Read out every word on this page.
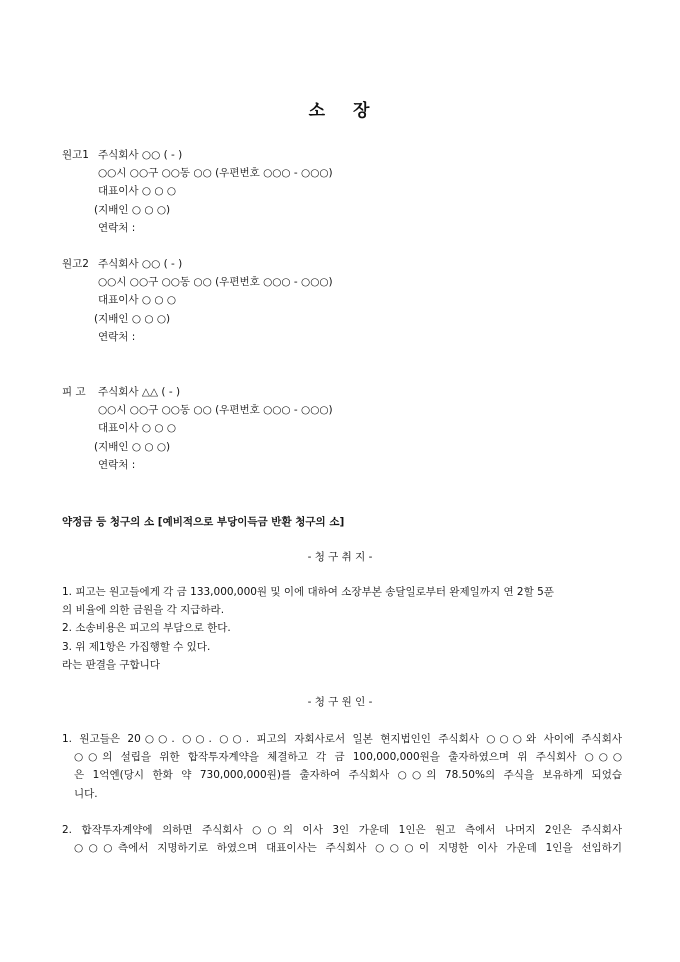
소 장
원고1 주식회사 ○○ ( - )
○○시 ○○구 ○○동 ○○ (우편번호 ○○○ - ○○○)
대표이사 ○ ○ ○
(지배인 ○ ○ ○)
연락처 :
원고2 주식회사 ○○ ( - )
○○시 ○○구 ○○동 ○○ (우편번호 ○○○ - ○○○)
대표이사 ○ ○ ○
(지배인 ○ ○ ○)
연락처 :
피 고	주식회사 △△ ( - )
○○시 ○○구 ○○동 ○○ (우편번호 ○○○ - ○○○)
대표이사 ○ ○ ○
(지배인 ○ ○ ○)
연락처 :
약정금 등 청구의 소 [예비적으로 부당이득금 반환 청구의 소]
- 청 구 취 지 -
1. 피고는 원고들에게 각 금 133,000,000원 및 이에 대하여 소장부본 송달일로부터 완제일까지 연 2할 5푼
의 비율에 의한 금원을 각 지급하라.
2. 소송비용은 피고의 부담으로 한다.
3. 위 제1항은 가집행할 수 있다.
라는 판결을 구합니다
- 청 구 원 인 -
1. 원고들은 20○○. ○○. ○○. 피고의 자회사로서 일본 현지법인인 주식회사 ○○○와 사이에 주식회사
○○의 설립을 위한 합작투자계약을 체결하고 각 금 100,000,000원을 출자하였으며 위 주식회사 ○○○
은 1억엔(당시 한화 약 730,000,000원)를 출자하여 주식회사 ○○의 78.50%의 주식을 보유하게 되었습
니다.
2. 합작투자계약에 의하면 주식회사 ○○의 이사 3인 가운데 1인은 원고 측에서 나머지 2인은 주식회사
○○○측에서 지명하기로 하였으며 대표이사는 주식회사 ○○○이 지명한 이사 가운데 1인을 선임하기
